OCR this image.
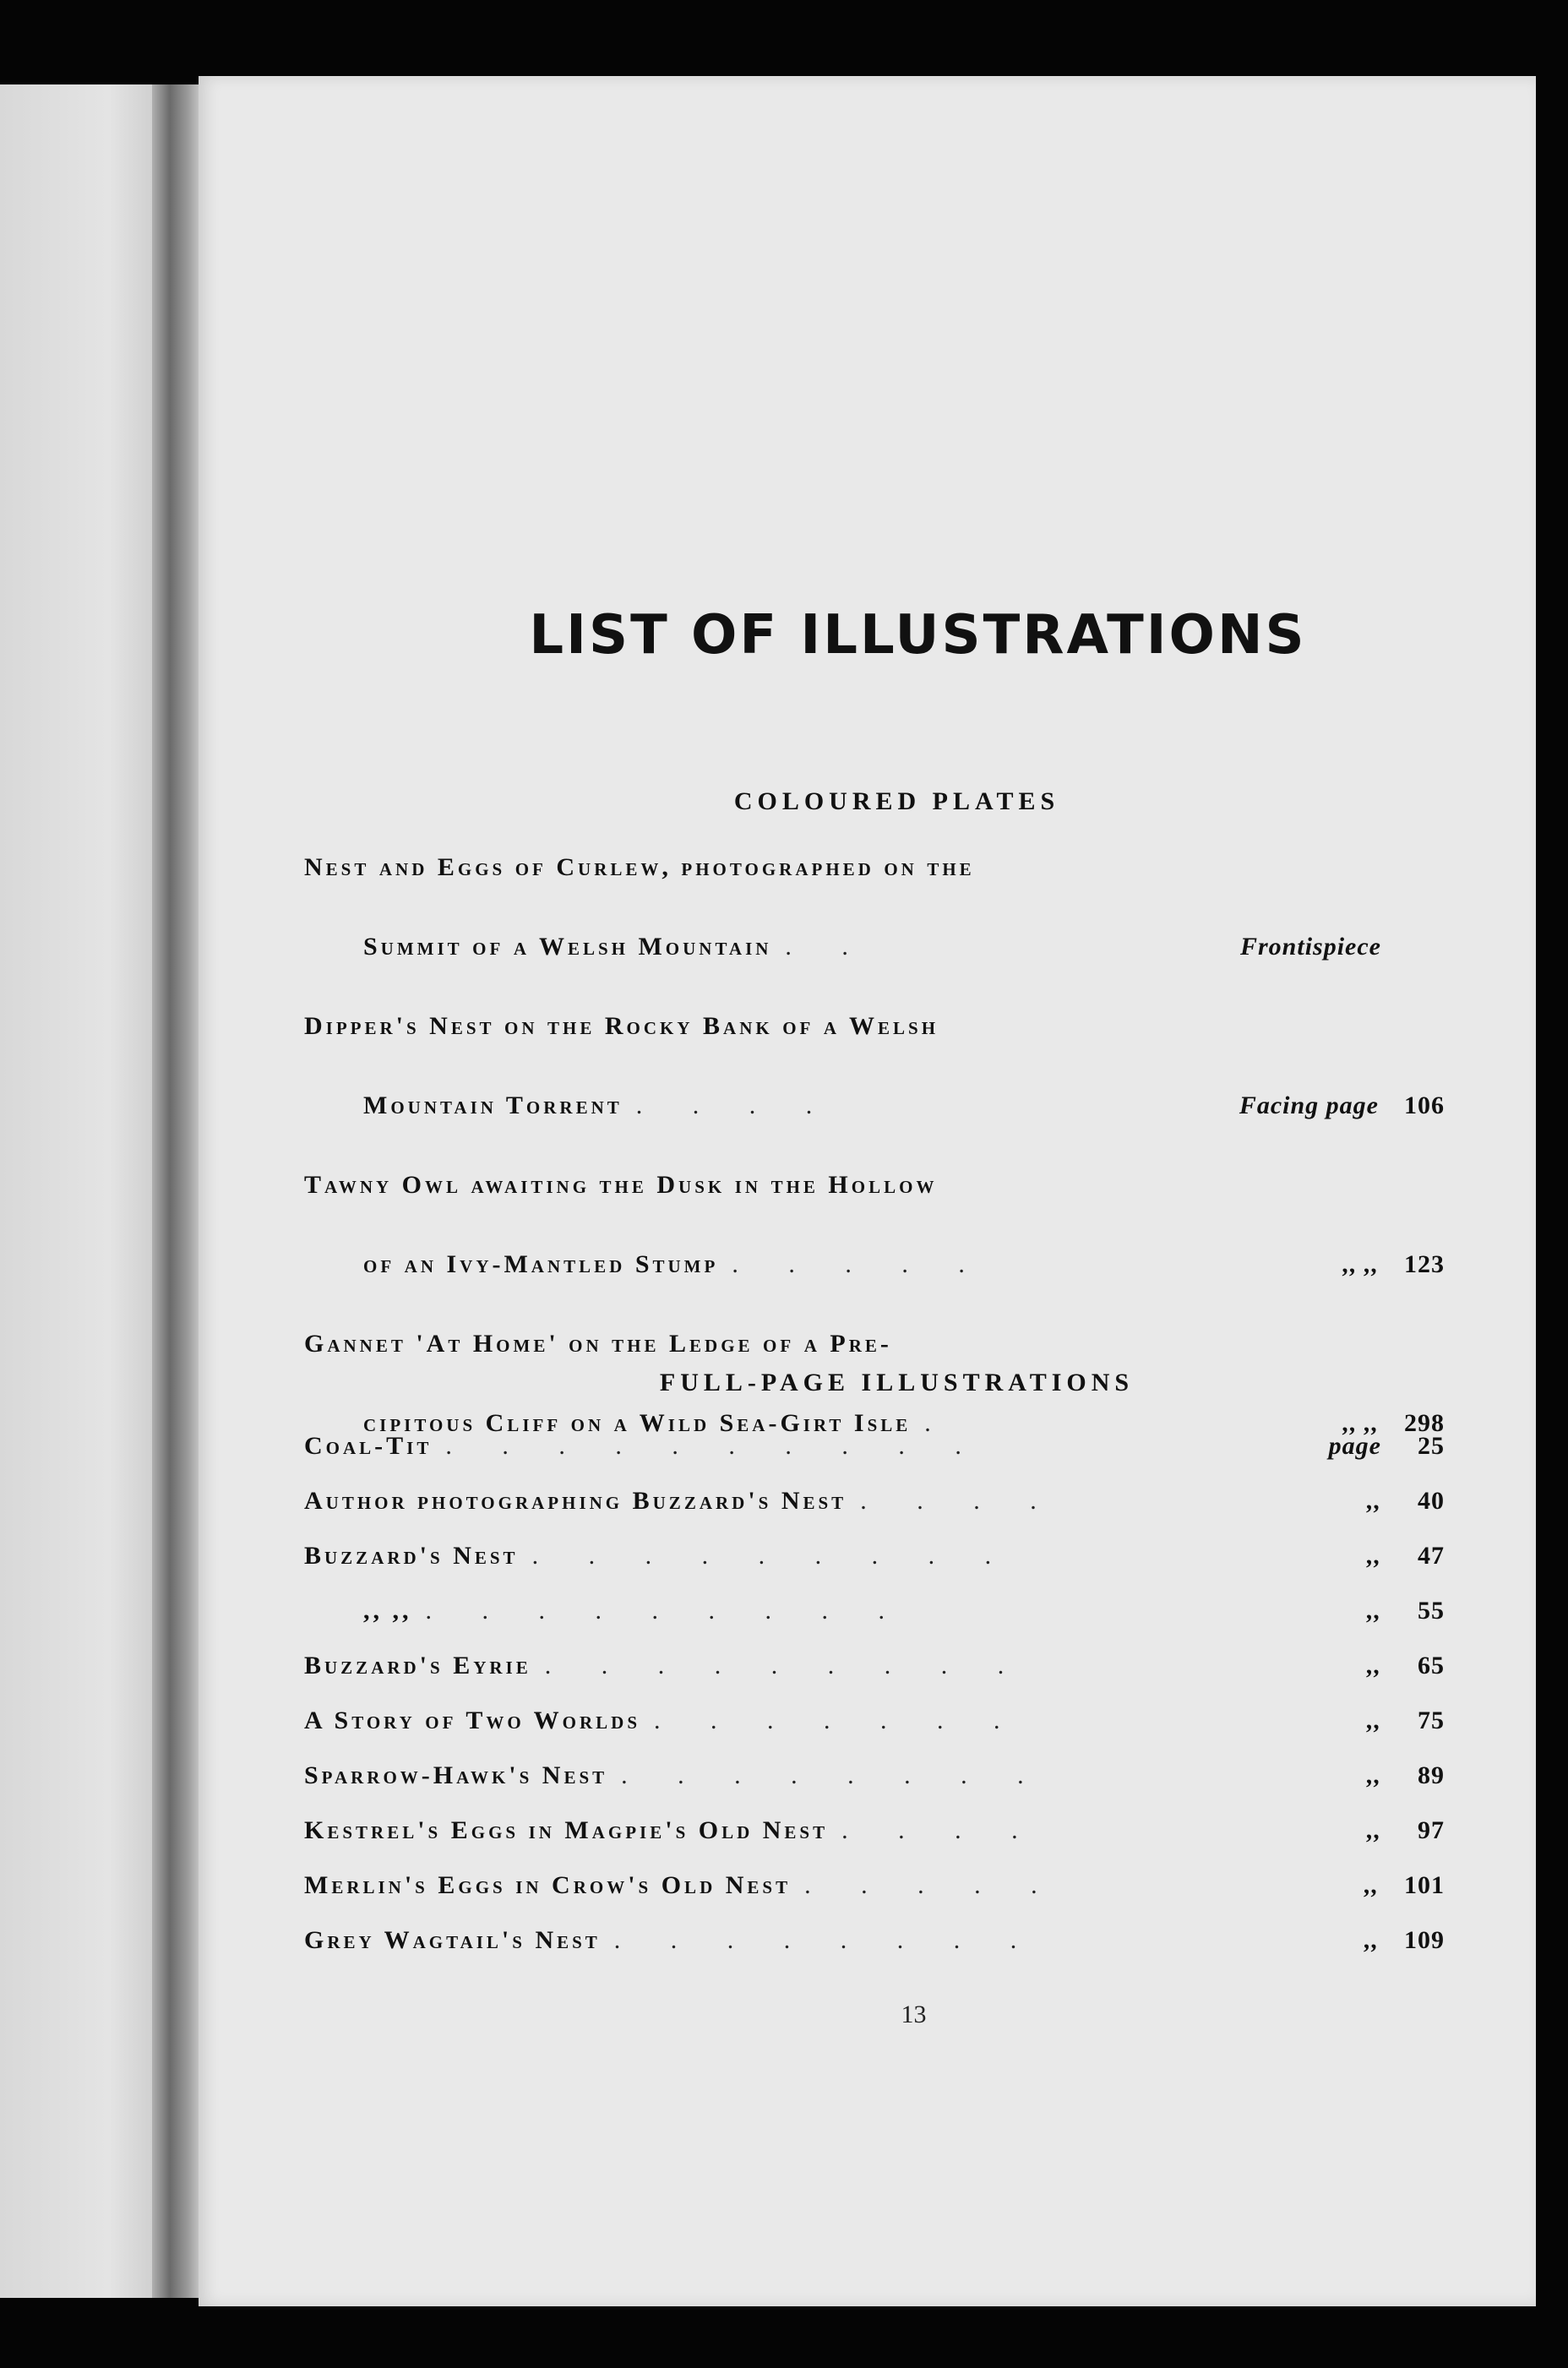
LIST OF ILLUSTRATIONS
COLOURED PLATES
FULL-PAGE ILLUSTRATIONS
Nest and Eggs of Curlew, photographed on the
Summit of a Welsh Mountain . .	Frontispiece
Dipper's Nest on the Rocky Bank of a Welsh
Mountain Torrent . . . .	Facing page 106
Tawny Owl awaiting the Dusk in the Hollow
of an Ivy-Mantled Stump . . . . .	,, ,, 123
Gannet 'At Home' on the Ledge of a Pre-
cipitous Cliff on a Wild Sea-Girt Isle .	,, ,, 298
Coal-Tit . . . . . . . . . .	page	25
Author photographing Buzzard's Nest . . . .	,,	40
Buzzard's Nest . . . . . . . . .	,,	47
,, ,, . . . . . . . . .	,,	55
Buzzard's Eyrie . . . . . . . . .	,,	65
A Story of Two Worlds . . . . . . .	,,	75
Sparrow-Hawk's Nest . . . . . . . .	,,	89
Kestrel's Eggs in Magpie's Old Nest . . . .	,,	97
Merlin's Eggs in Crow's Old Nest . . . . .	,, 101
Grey Wagtail's Nest . . . . . . . .	,, 109
13
